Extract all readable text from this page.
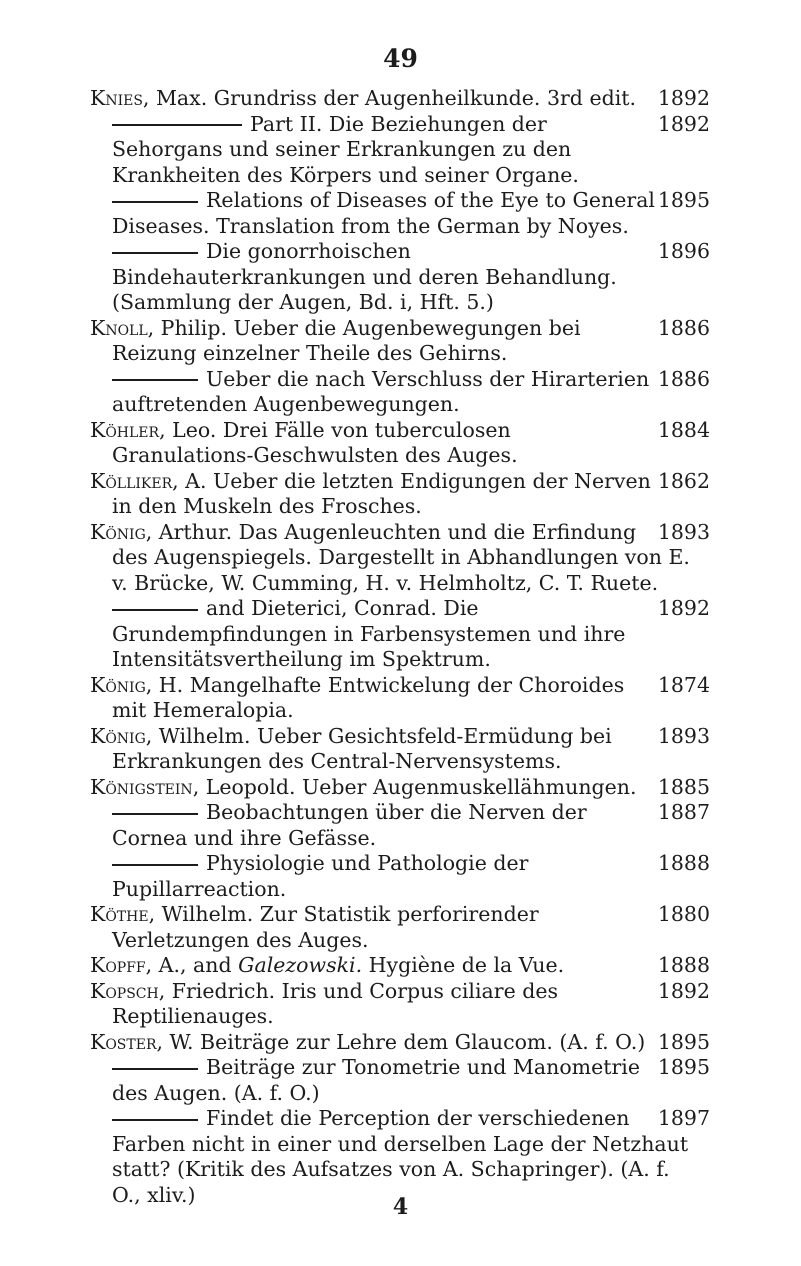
49
1892
Knies, Max. Grundriss der Augenheilkunde. 3rd edit.
1892
Part II. Die Beziehungen der Sehorgans und seiner Erkrankungen zu den Krankheiten des Körpers und seiner Organe.
1895
Relations of Diseases of the Eye to General Diseases. Translation from the German by Noyes.
1896
Die gonorrhoischen Bindehauterkrankungen und deren Behandlung. (Sammlung der Augen, Bd. i, Hft. 5.)
1886
Knoll, Philip. Ueber die Augenbewegungen bei Reizung einzelner Theile des Gehirns.
1886
Ueber die nach Verschluss der Hirarterien auftretenden Augenbewegungen.
1884
Köhler, Leo. Drei Fälle von tuberculosen Granulations-Geschwulsten des Auges.
1862
Kölliker, A. Ueber die letzten Endigungen der Nerven in den Muskeln des Frosches.
1893
König, Arthur. Das Augenleuchten und die Erfindung des Augenspiegels. Dargestellt in Abhandlungen von E. v. Brücke, W. Cumming, H. v. Helmholtz, C. T. Ruete.
1892
and Dieterici, Conrad. Die Grundempfindungen in Farbensystemen und ihre Intensitätsvertheilung im Spektrum.
1874
König, H. Mangelhafte Entwickelung der Choroides mit Hemeralopia.
1893
König, Wilhelm. Ueber Gesichtsfeld-Ermüdung bei Erkrankungen des Central-Nervensystems.
1885
Königstein, Leopold. Ueber Augenmuskellähmungen.
1887
Beobachtungen über die Nerven der Cornea und ihre Gefässe.
1888
Physiologie und Pathologie der Pupillarreaction.
1880
Köthe, Wilhelm. Zur Statistik perforirender Verletzungen des Auges.
1888
Kopff, A., and Galezowski. Hygiène de la Vue.
1892
Kopsch, Friedrich. Iris und Corpus ciliare des Reptilienauges.
1895
Koster, W. Beiträge zur Lehre dem Glaucom. (A. f. O.)
1895
Beiträge zur Tonometrie und Manometrie des Augen. (A. f. O.)
1897
Findet die Perception der verschiedenen Farben nicht in einer und derselben Lage der Netzhaut statt? (Kritik des Aufsatzes von A. Schapringer). (A. f. O., xliv.)	4
